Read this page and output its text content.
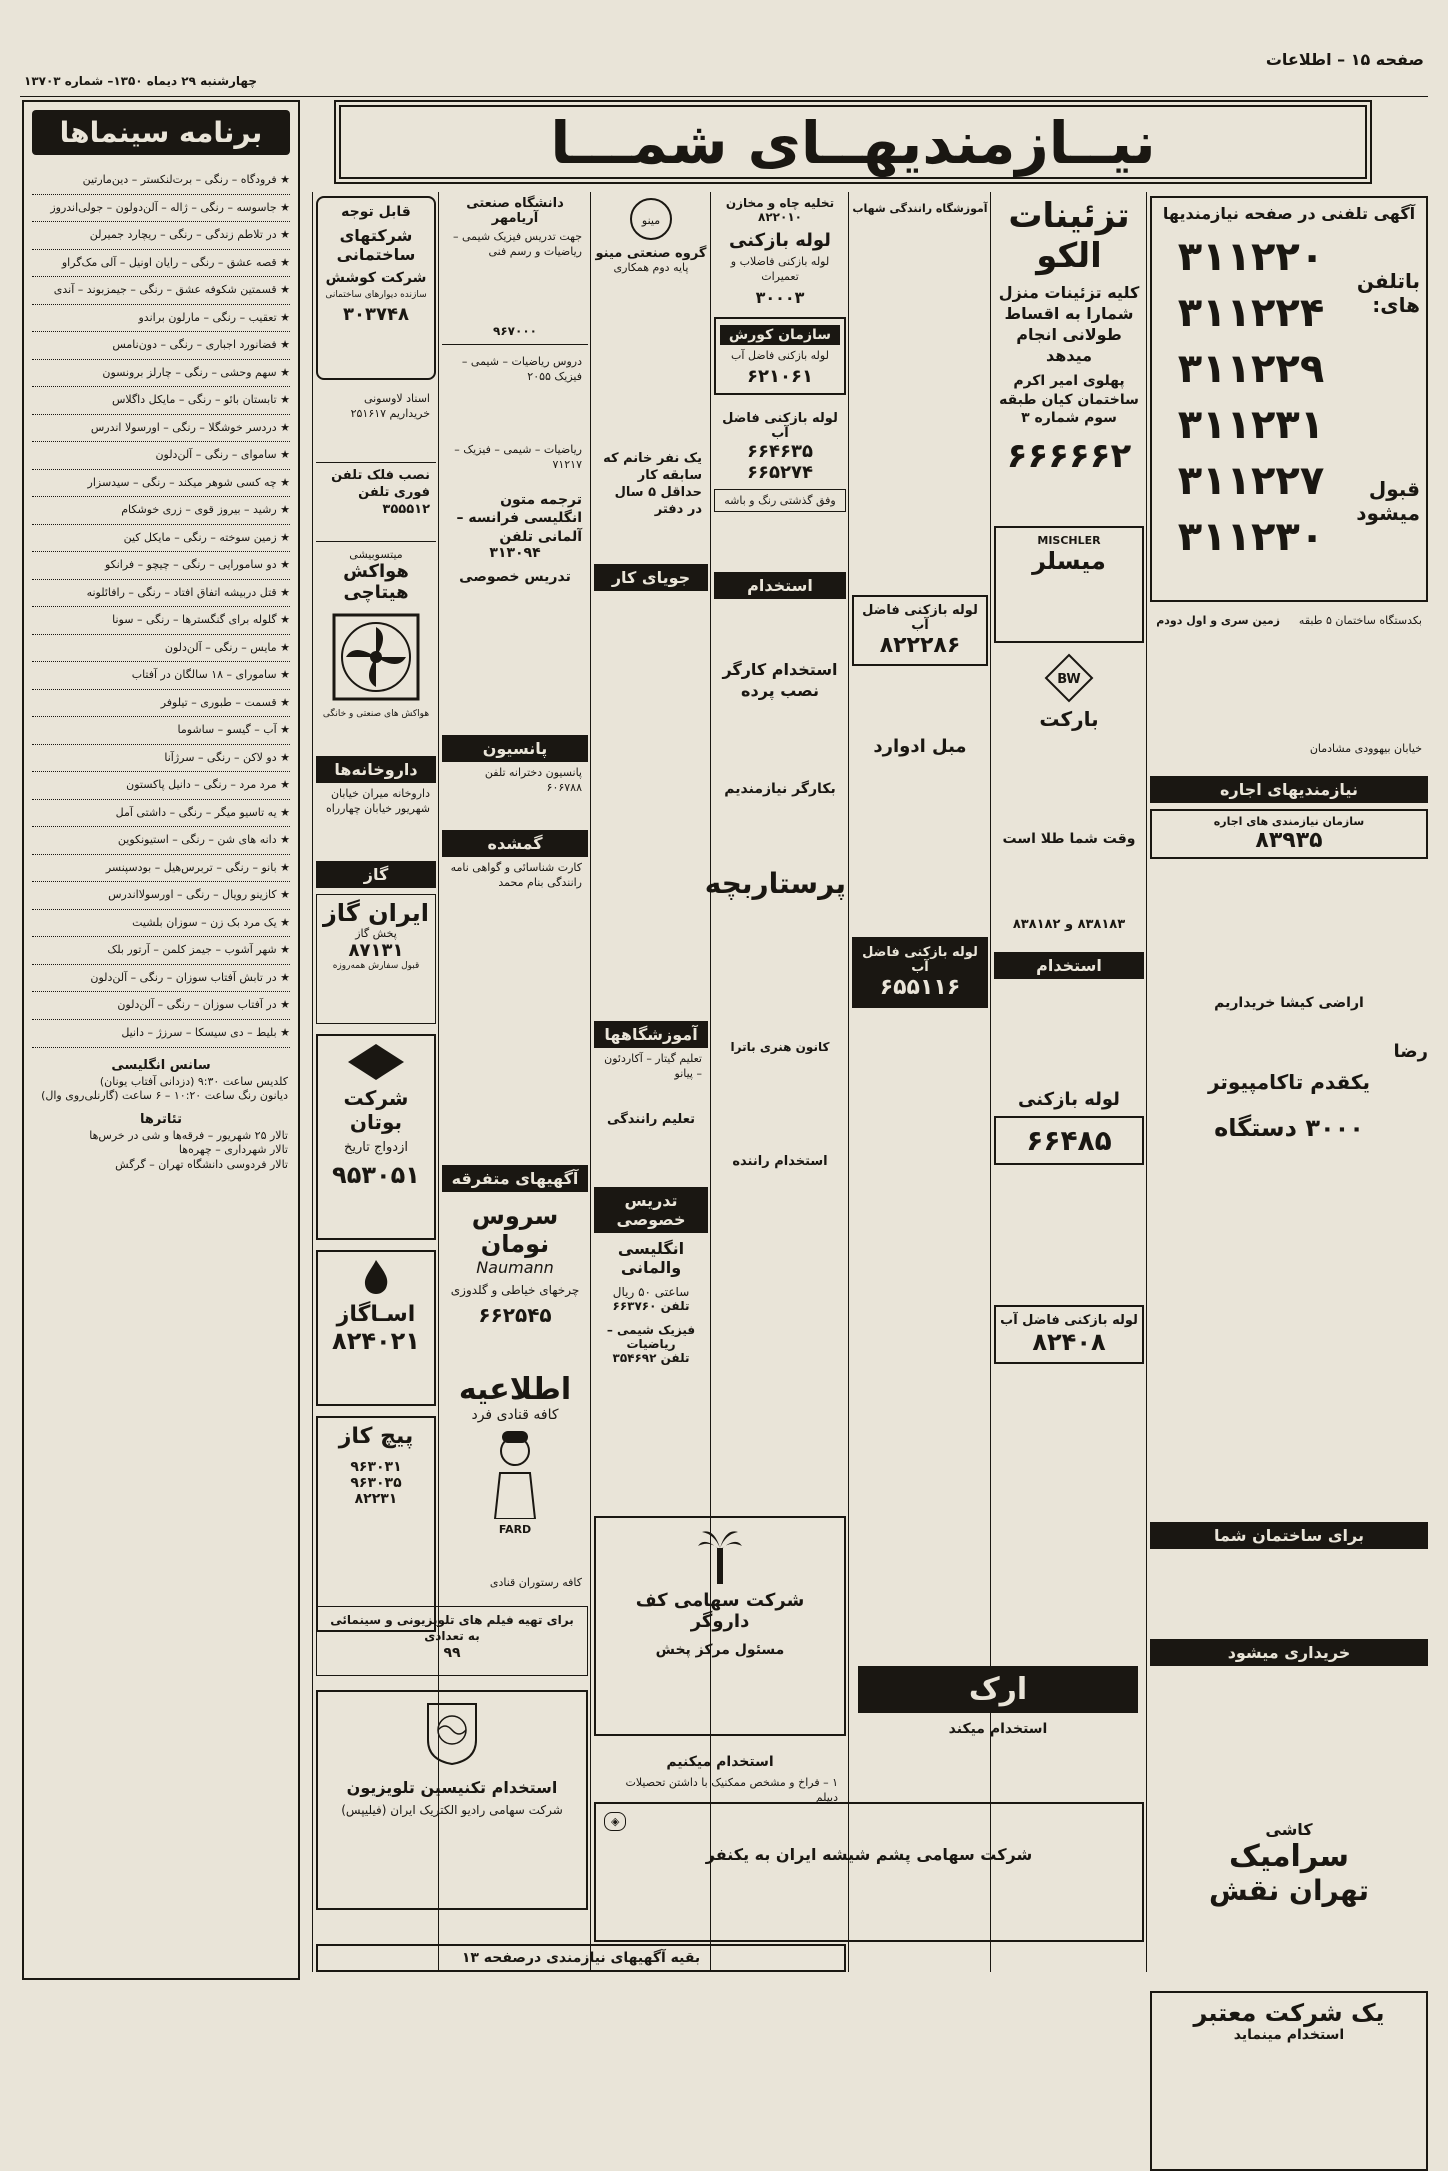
صفحه ۱۵ – اطلاعات
چهارشنبه ۲۹ دیماه ۱۳۵۰– شماره ۱۳۷۰۳
نیــازمندیهــای شمـــا
برنامه سینماها
★ فرودگاه – رنگی – برت‌لنکستر – دین‌مارتین
★ جاسوسه – رنگی – ژاله – آلن‌دولون – جولی‌اندروز
★ در تلاطم زندگی – رنگی – ریچارد جمیرلن
★ قصه عشق – رنگی – رایان اونیل – آلی مک‌گراو
★ قسمتین شکوفه عشق – رنگی – جیمز‌بوند – آندی
★ تعقیب – رنگی – مارلون براندو
★ فضانورد اجباری – رنگی – دون‌نامس
★ سهم وحشی – رنگی – چارلز برونسون
★ تابستان بائو – رنگی – مایکل داگلاس
★ دردسر خوشگلا – رنگی – اورسولا اندرس
★ ساموای – رنگی – آلن‌دلون
★ چه کسی شوهر میکند – رنگی – سیدسزار
★ رشید – بیروز قوی – زری خوشکام
★ زمین سوخته – رنگی – مایکل کین
★ دو سامورایی – رنگی – چیچو – فرانکو
★ قتل دربیشه اتفاق افتاد – رنگی – رافائلونه
★ گلوله برای گنگسترها – رنگی – سونا
★ مایس – رنگی – آلن‌دلون
★ سامورای – ۱۸ سالگان در آفتاب
★ قسمت – طبوری – تیلوفر
★ آب – گیسو – ساشوما
★ دو لاکن – رنگی – سر‌ژ‌آنا
★ مرد مرد – رنگی – دانیل پاکستون
★ یه تاسیو میگر – رنگی – داشتی آمل
★ دانه های شن – رنگی – استیونکوین
★ بانو – رنگی – تربرس‌هیل – بودسپنسر
★ کازینو رویال – رنگی – اورسولااندرس
★ یک مرد بک زن – سوزان بلشیت
★ شهر آشوب – جیمز کلمن – آرتور بلک
★ در تابش آفتاب سوزان – رنگی – آلن‌دلون
★ در آفتاب سوزان – رنگی – آلن‌دلون
★ بلیط – دی سیسکا – سرز‌ژ – دانیل
سانس انگلیسی
کلدیس ساعت ۹:۳۰ (دزدانی آفتاب یونان)
دیانون رنگ ساعت ۱۰:۲۰ – ۶ ساعت (گارنلی‌روی وال)
تئاترها
تالار ۲۵ شهریور – فرقه‌ها و شی در خرس‌ها
تالار شهرداری – چهره‌ها
تالار فردوسی دانشگاه تهران – گرگش
قابل توجه
شرکتهای ساختمانی
شرکت کوشش
سازنده دیوارهای ساختمانی
۳۰۳۷۴۸
اسناد لاوسونی خریداریم ۲۵۱۶۱۷
نصب فلک تلفن فوری تلفن ۳۵۵۵۱۲
میتسوبیشی
هواکش هیتاچی
هواکش های صنعتی و خانگی
داروخانه‌ها
داروخانه میران خیابان شهریور خیابان چهارراه
گاز
ایران گاز
پخش گاز
۸۷۱۳۱
قبول سفارش همه‌روزه
شرکت بوتان
ازدواج تاریخ
۹۵۳۰۵۱
اسـاگاز
۸۲۴۰۲۱
پیچ کاز
۹۶۳۰۳۱
۹۶۳۰۳۵
۸۲۲۳۱
دانشگاه صنعتی آریامهر
جهت تدریس فیزیک شیمی – ریاضیات و رسم فنی
۹۶۷۰۰۰
دروس ریاضیات – شیمی – فیزیک ۲۰۵۵
ریاضیات – شیمی – فیزیک – ۷۱۲۱۷
ترجمه متون انگلیسی فرانسه – آلمانی تلفن
۳۱۳۰۹۴
تدریس خصوصی
پانسیون
پانسیون دخترانه تلفن ۶۰۶۷۸۸
گمشده
کارت شناسائی و گواهی نامه رانندگی بنام محمد
آگهیهای متفرقه
سروس نومان
Naumann
چرخهای خیاطی و گلدوزی
۶۶۲۵۴۵
اطلاعیه
کافه قنادی فرد
FARD
کافه رستوران قنادی
مینو
گروه صنعتی مینو
پایه دوم همکاری
یک نفر خانم که سابقه کار حداقل ۵ سال در دفتر
جویای کار
آموزشگاهها
تعلیم گیتار – آکاردئون – پیانو
تعلیم رانندگی
تدریس خصوصی
انگلیسی والمانی
ساعتی ۵۰ ریال
تلفن ۶۶۳۷۶۰
فیزیک شیمی – ریاضیات
تلفن ۳۵۴۶۹۲
تخلیه چاه و مخازن
۸۲۲۰۱۰
لوله بازکنی
لوله بازکنی فاضلاب و تعمیرات
۳۰۰۰۳
سازمان کورش
لوله بازکنی فاضل آب
۶۲۱۰۶۱
لوله بازکنی فاضل آب
۶۶۴۶۳۵
۶۶۵۲۷۴
وفق گذشتی رنگ و باشه
استخدام
استخدام کارگر نصب پرده
بکارگر نیازمندیم
پرستاربچه
کانون هنری باترا
استخدام راننده
آموزشگاه رانندگی شهاب
لوله بازکنی فاضل آب
۸۲۲۲۸۶
مبل ادوارد
لوله بازکنی فاضل آب
۶۵۵۱۱۶
تزئینات الکو
کلیه تزئینات منزل شمارا به اقساط طولانی انجام میدهد
پهلوی امیر اکرم ساختمان کیان طبقه سوم شماره ۳
۶۶۶۶۶۲
MISCHLER
میسلر
BW
بارکت
وقت شما طلا است
۸۳۸۱۸۳ و ۸۳۸۱۸۲
استخدام
لوله بازکنی
۶۶۴۸۵
لوله بازکنی فاضل آب
۸۲۴۰۸
آگهی تلفنی در صفحه نیازمندیها
باتلفن های:
قبول میشود
۳۱۱۲۲۰
۳۱۱۲۲۴
۳۱۱۲۲۹
۳۱۱۲۳۱
۳۱۱۲۲۷
۳۱۱۲۳۰
بکدستگاه ساختمان ۵ طبقه
زمین سری و اول دودم
خیابان بیهوودی مشادمان
نیازمندیهای اجاره
سازمان نیازمندی های اجاره
۸۳۹۳۵
اراضی کیشا خریداریم
رضا
یکقدم تاکامپیوتر
۳۰۰۰ دستگاه
برای ساختمان شما
خریداری میشود
کاشی
سرامیک
تهران نقش
یک شرکت معتبر
استخدام مینماید
برای تهیه فیلم های تلویزیونی و سینمائی به تعدادی
۹۹
شرکت سهامی کف داروگر
مسئول مرکز پخش
استخدام تکنیسین تلویزیون
شرکت سهامی رادیو الکتریک ایران (فیلیپس)
استخدام میکنیم
۱ – فراخ و مشخص ممکنیک با داشتن تحصیلات دیپلم
ارک
استخدام میکند
◈
شرکت سهامی پشم شیشه ایران به یکنفر
بقیه آگهیهای نیازمندی درصفحه ۱۳
